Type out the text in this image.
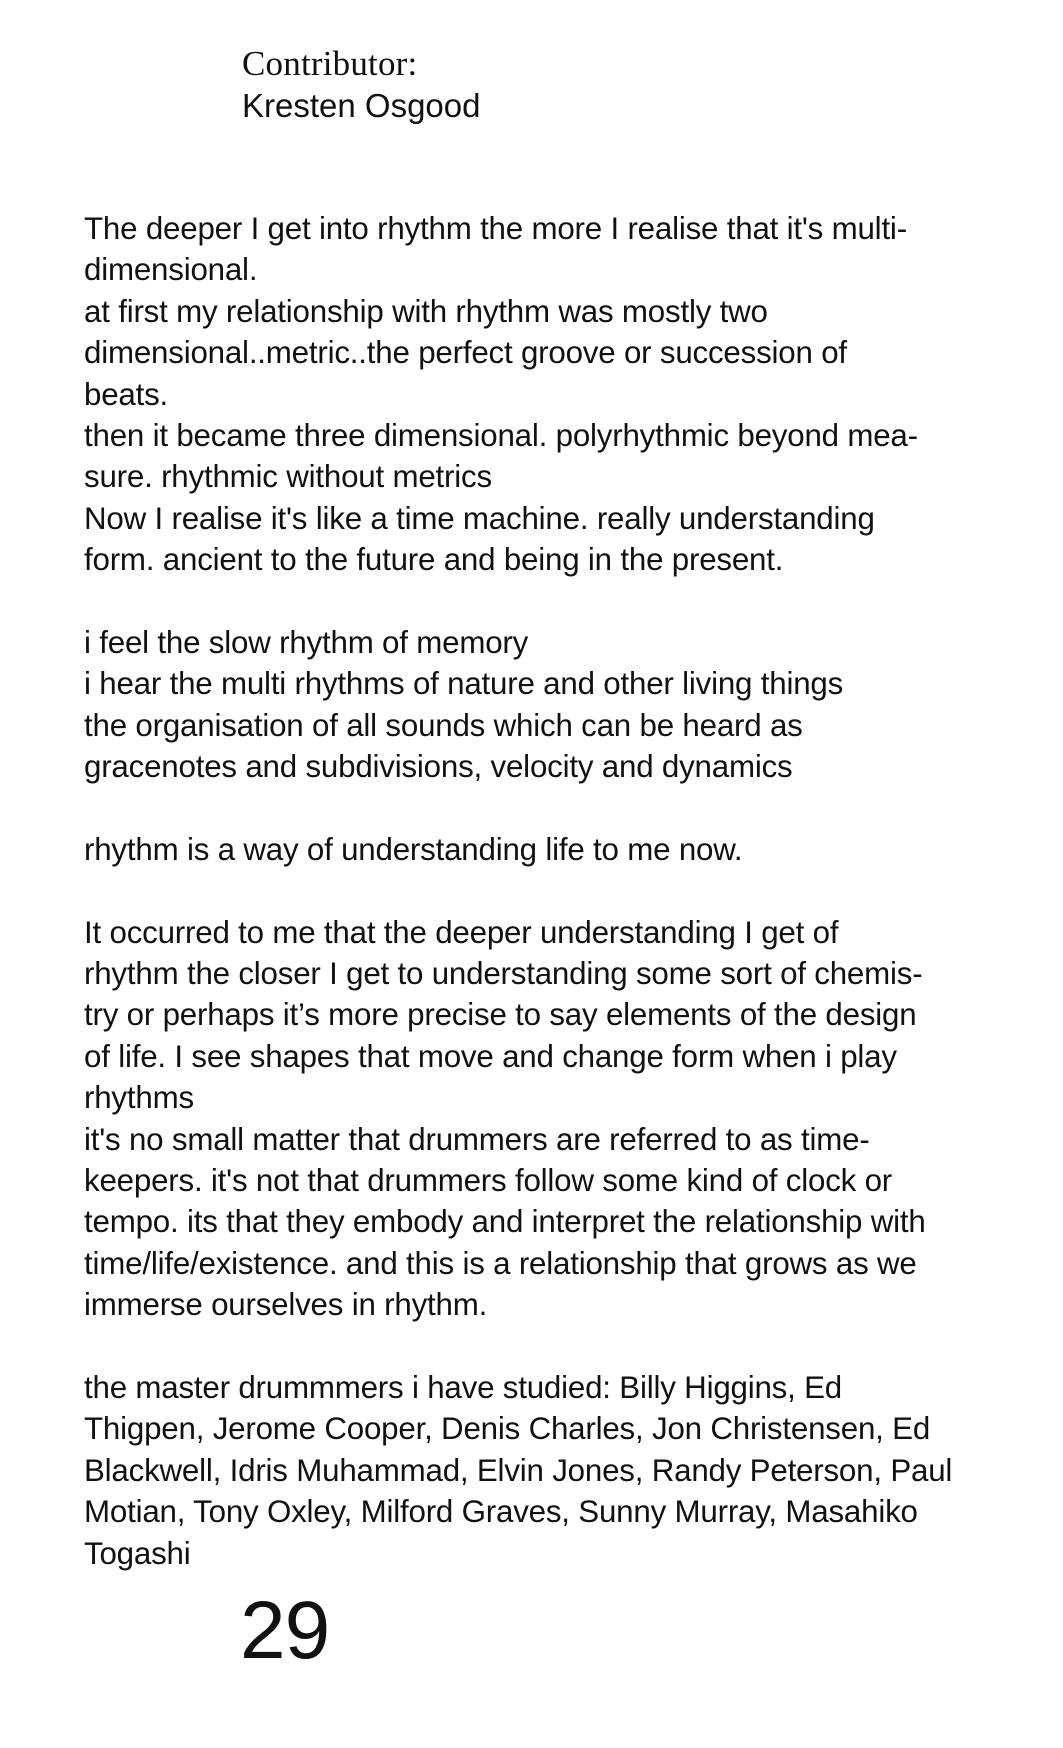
Contributor:
Kresten Osgood
The deeper I get into rhythm the more I realise that it's multi-
dimensional.
at first my relationship with rhythm was mostly two
dimensional..metric..the perfect groove or succession of
beats.
then it became three dimensional. polyrhythmic beyond mea-
sure. rhythmic without metrics
Now I realise it's like a time machine. really understanding
form. ancient to the future and being in the present.
i feel the slow rhythm of memory
i hear the multi rhythms of nature and other living things
the organisation of all sounds which can be heard as
gracenotes and subdivisions, velocity and dynamics
rhythm is a way of understanding life to me now.
It occurred to me that the deeper understanding I get of
rhythm the closer I get to understanding some sort of chemis-
try or perhaps it’s more precise to say elements of the design
of life. I see shapes that move and change form when i play
rhythms
it's no small matter that drummers are referred to as time-
keepers. it's not that drummers follow some kind of clock or
tempo. its that they embody and interpret the relationship with
time/life/existence. and this is a relationship that grows as we
immerse ourselves in rhythm.
the master drummmers i have studied: Billy Higgins, Ed
Thigpen, Jerome Cooper, Denis Charles, Jon Christensen, Ed
Blackwell, Idris Muhammad, Elvin Jones, Randy Peterson, Paul
Motian, Tony Oxley, Milford Graves, Sunny Murray, Masahiko
Togashi
29
